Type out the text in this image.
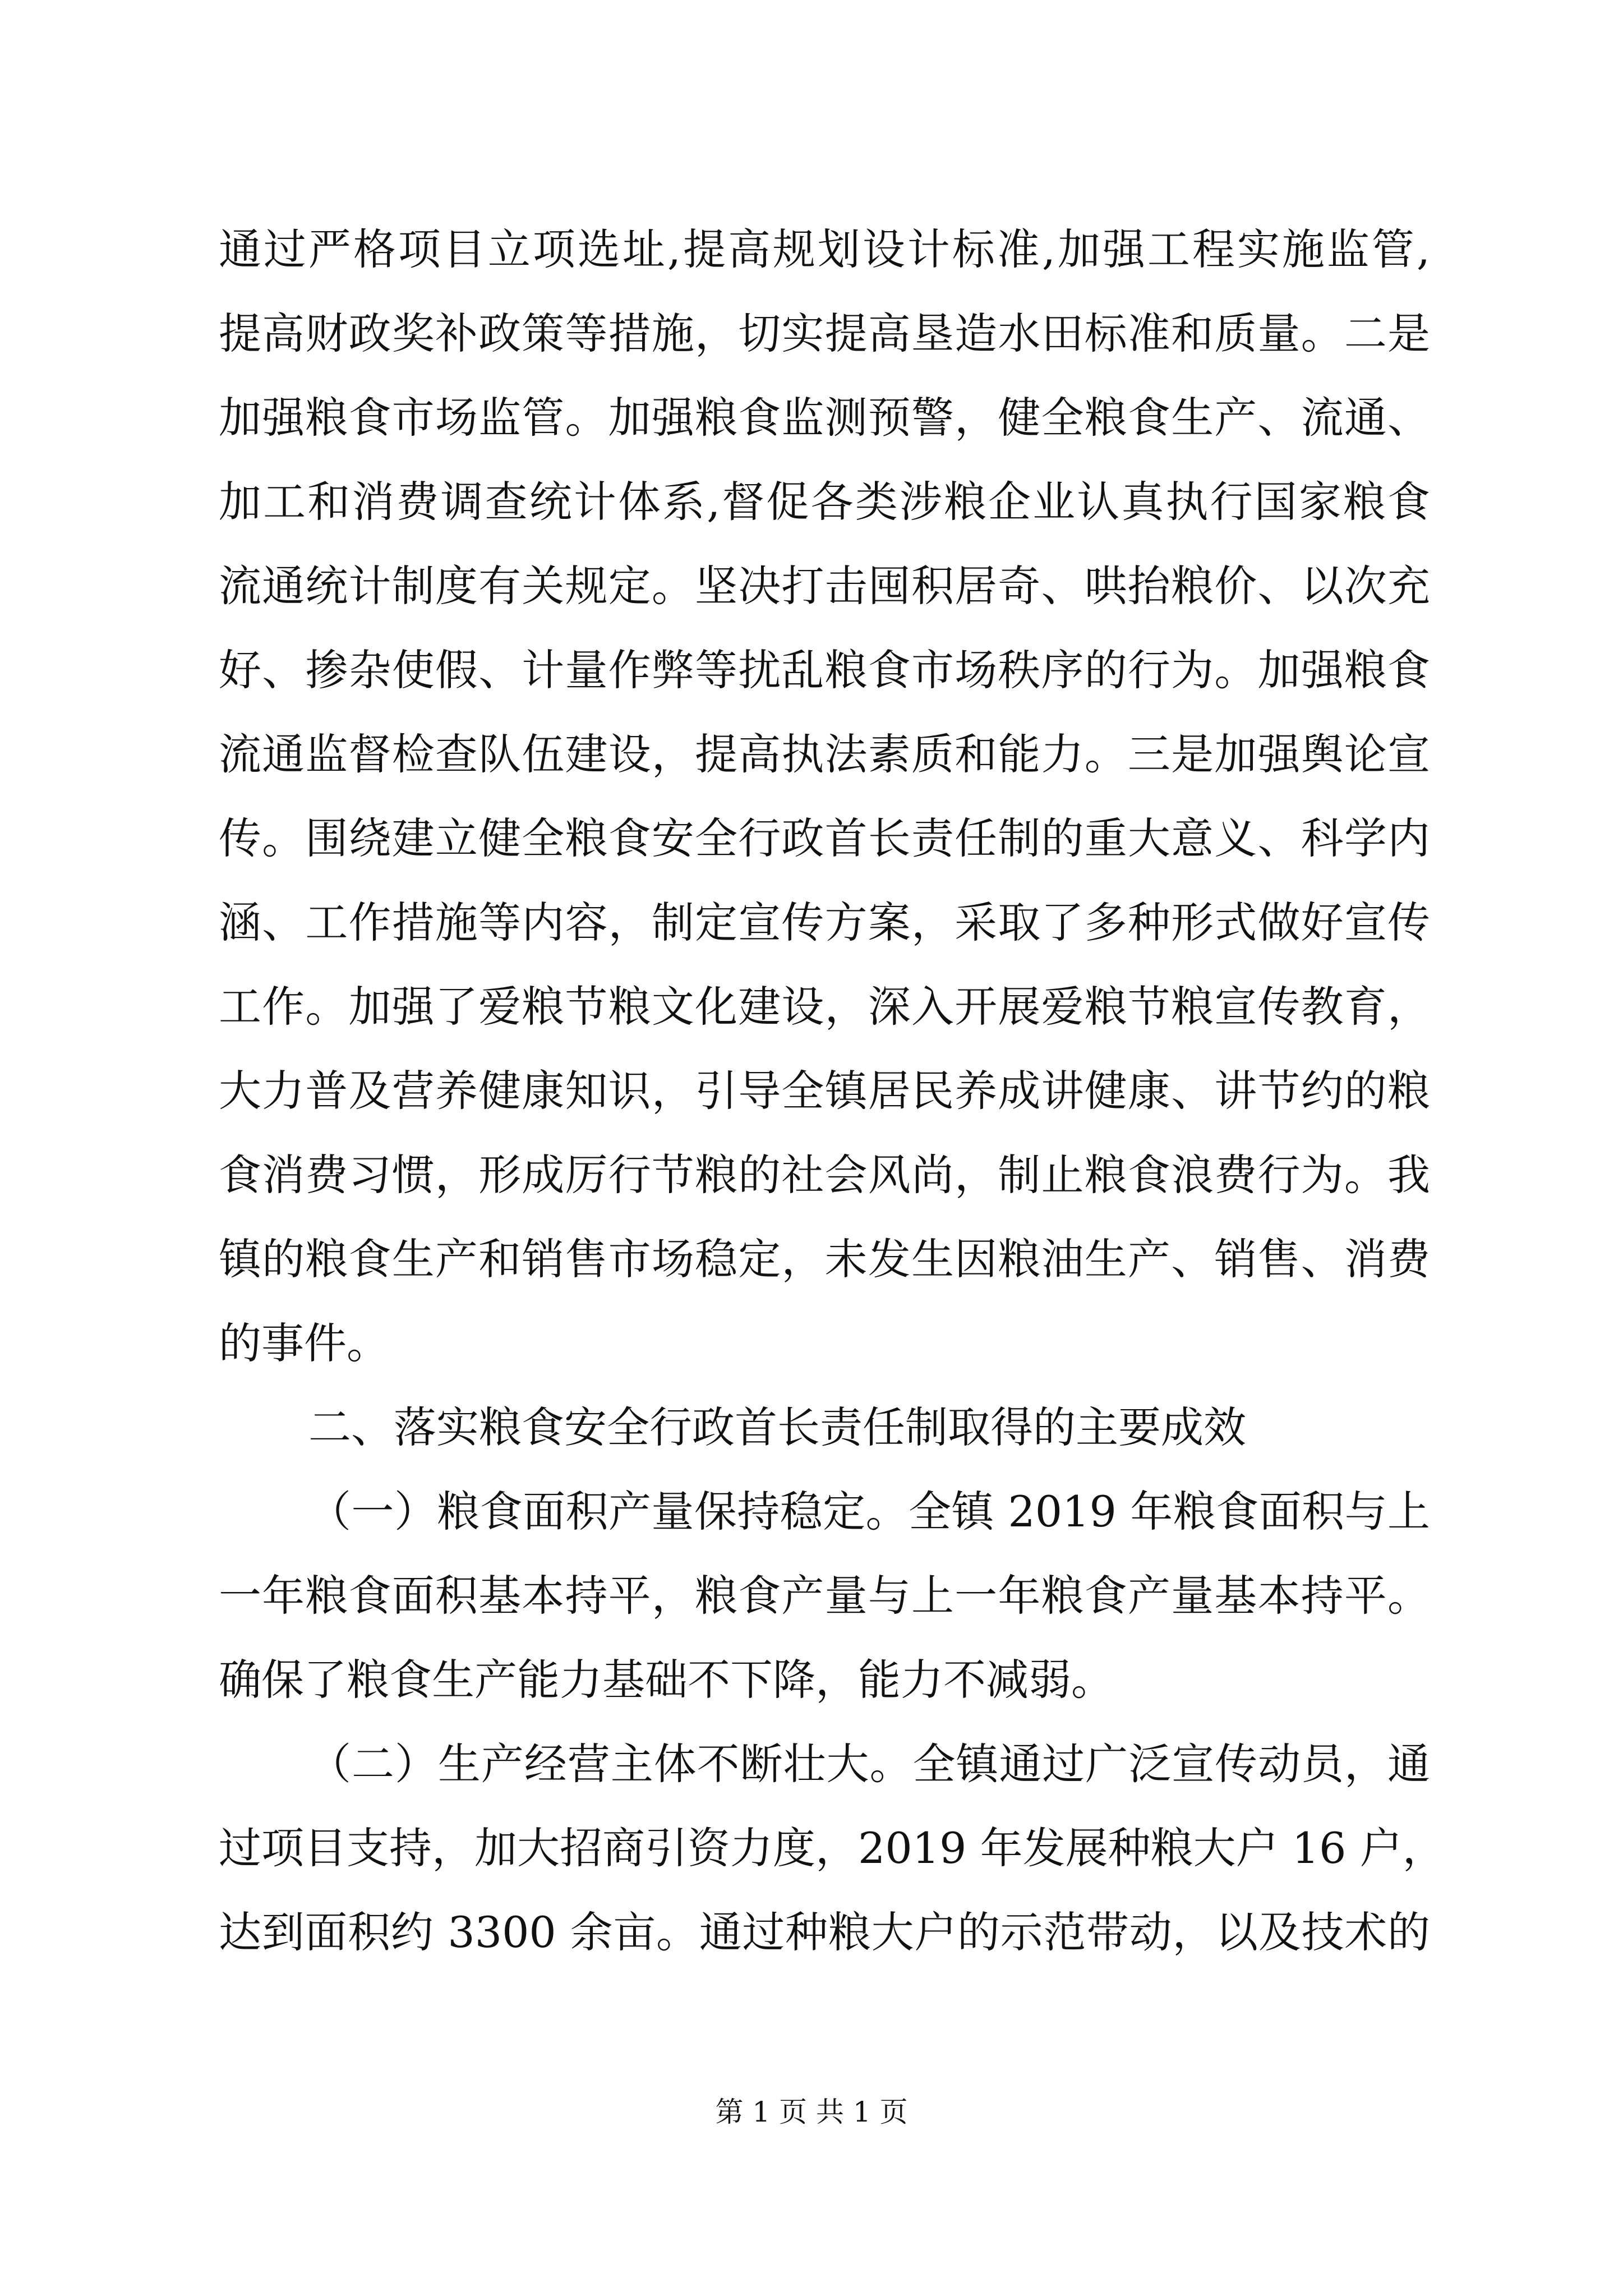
通过严格项目立项选址,提高规划设计标准,加强工程实施监管,
提高财政奖补政策等措施，切实提高垦造水田标准和质量。二是
加强粮食市场监管。加强粮食监测预警，健全粮食生产、流通、
加工和消费调查统计体系,督促各类涉粮企业认真执行国家粮食
流通统计制度有关规定。坚决打击囤积居奇、哄抬粮价、以次充
好、掺杂使假、计量作弊等扰乱粮食市场秩序的行为。加强粮食
流通监督检查队伍建设，提高执法素质和能力。三是加强舆论宣
传。围绕建立健全粮食安全行政首长责任制的重大意义、科学内
涵、工作措施等内容，制定宣传方案，采取了多种形式做好宣传
工作。加强了爱粮节粮文化建设，深入开展爱粮节粮宣传教育，
大力普及营养健康知识，引导全镇居民养成讲健康、讲节约的粮
食消费习惯，形成厉行节粮的社会风尚，制止粮食浪费行为。我
镇的粮食生产和销售市场稳定，未发生因粮油生产、销售、消费
的事件。
二、落实粮食安全行政首长责任制取得的主要成效
（一）粮食面积产量保持稳定。全镇 2019 年粮食面积与上
一年粮食面积基本持平，粮食产量与上一年粮食产量基本持平。
确保了粮食生产能力基础不下降，能力不减弱。
（二）生产经营主体不断壮大。全镇通过广泛宣传动员，通
过项目支持，加大招商引资力度，2019 年发展种粮大户 16 户，
达到面积约 3300 余亩。通过种粮大户的示范带动，以及技术的
第 1 页 共 1 页
